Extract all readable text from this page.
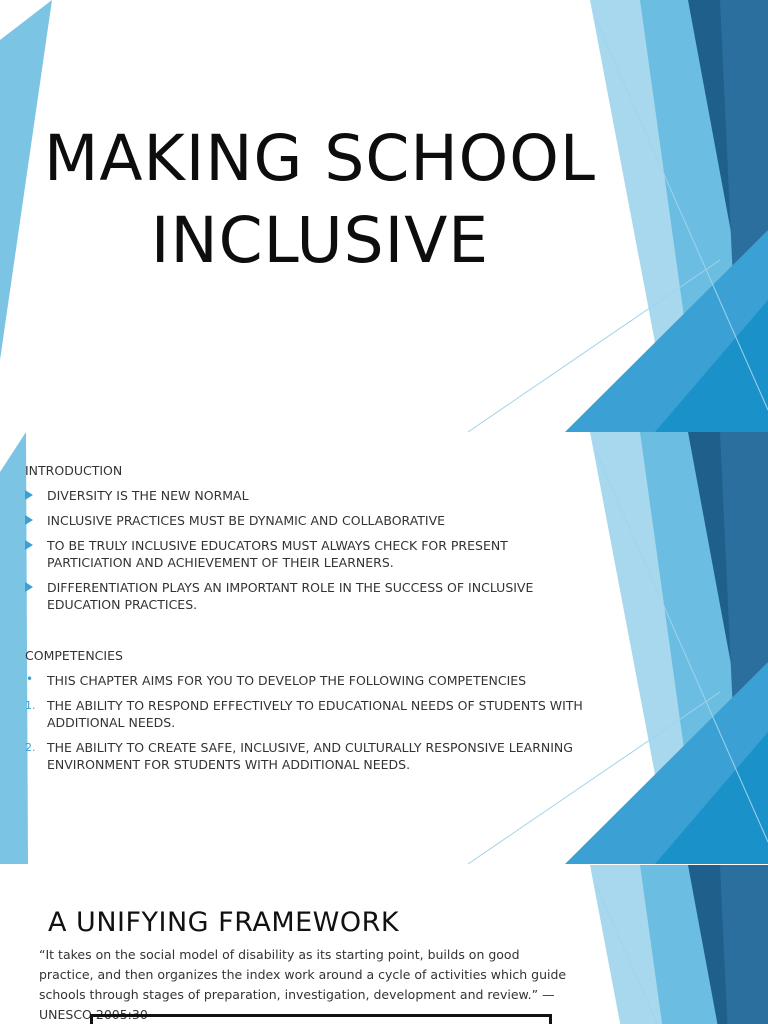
MAKING SCHOOL
INCLUSIVE
INTRODUCTION
DIVERSITY IS THE NEW NORMAL
INCLUSIVE PRACTICES MUST BE DYNAMIC AND COLLABORATIVE
TO BE TRULY INCLUSIVE EDUCATORS MUST ALWAYS CHECK FOR PRESENT PARTICIATION AND ACHIEVEMENT OF THEIR LEARNERS.
DIFFERENTIATION PLAYS AN IMPORTANT ROLE IN THE SUCCESS OF INCLUSIVE EDUCATION PRACTICES.
COMPETENCIES
• THIS CHAPTER AIMS FOR YOU TO DEVELOP THE FOLLOWING COMPETENCIES
1. THE ABILITY TO RESPOND EFFECTIVELY TO EDUCATIONAL NEEDS OF STUDENTS WITH ADDITIONAL NEEDS.
2. THE ABILITY TO CREATE SAFE, INCLUSIVE, AND CULTURALLY RESPONSIVE LEARNING ENVIRONMENT FOR STUDENTS WITH ADDITIONAL NEEDS.
A UNIFYING FRAMEWORK
“It takes on the social model of disability as its starting point, builds on good practice, and then organizes the index work around a cycle of activities which guide schools through stages of preparation, investigation, development and review.” —UNESCO 2005:30
